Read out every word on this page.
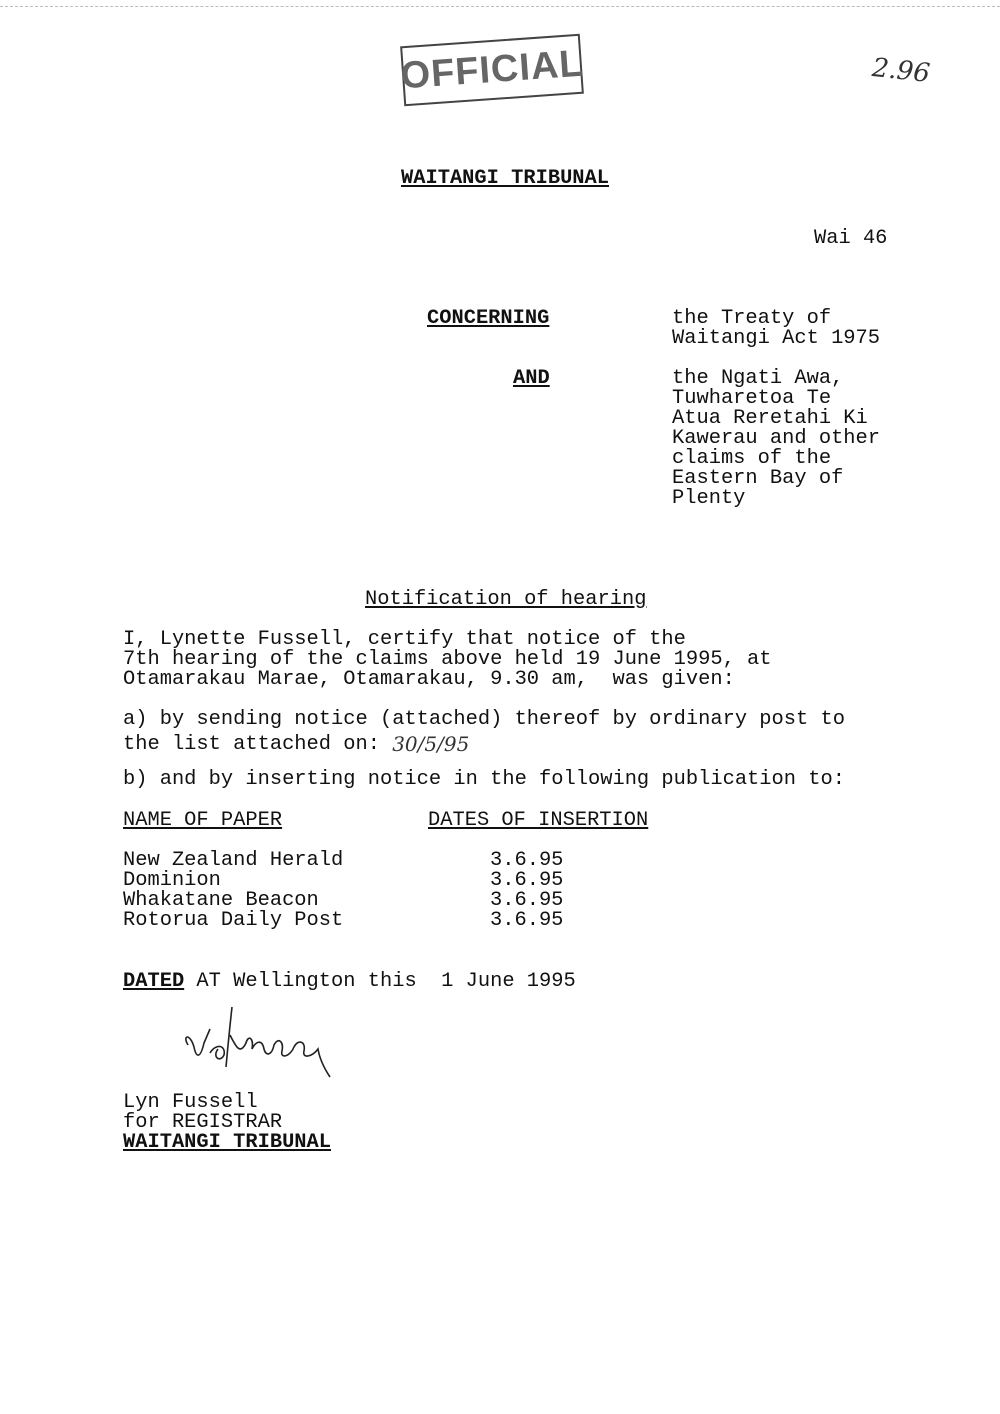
OFFICIAL	2.96
WAITANGI TRIBUNAL
Wai 46
CONCERNING	the Treaty of
Waitangi Act 1975
AND	the Ngati Awa,
Tuwharetoa Te
Atua Reretahi Ki
Kawerau and other
claims of the
Eastern Bay of
Plenty
Notification of hearing
I, Lynette Fussell, certify that notice of the
7th hearing of the claims above held 19 June 1995, at
Otamarakau Marae, Otamarakau, 9.30 am,  was given:
a) by sending notice (attached) thereof by ordinary post to
the list attached on: 30/5/95
b) and by inserting notice in the following publication to:
NAME OF PAPER	DATES OF INSERTION
New Zealand Herald	3.6.95
Dominion	3.6.95
Whakatane Beacon	3.6.95
Rotorua Daily Post	3.6.95
DATED AT Wellington this  1 June 1995
Lyn Fussell
for REGISTRAR
WAITANGI TRIBUNAL
